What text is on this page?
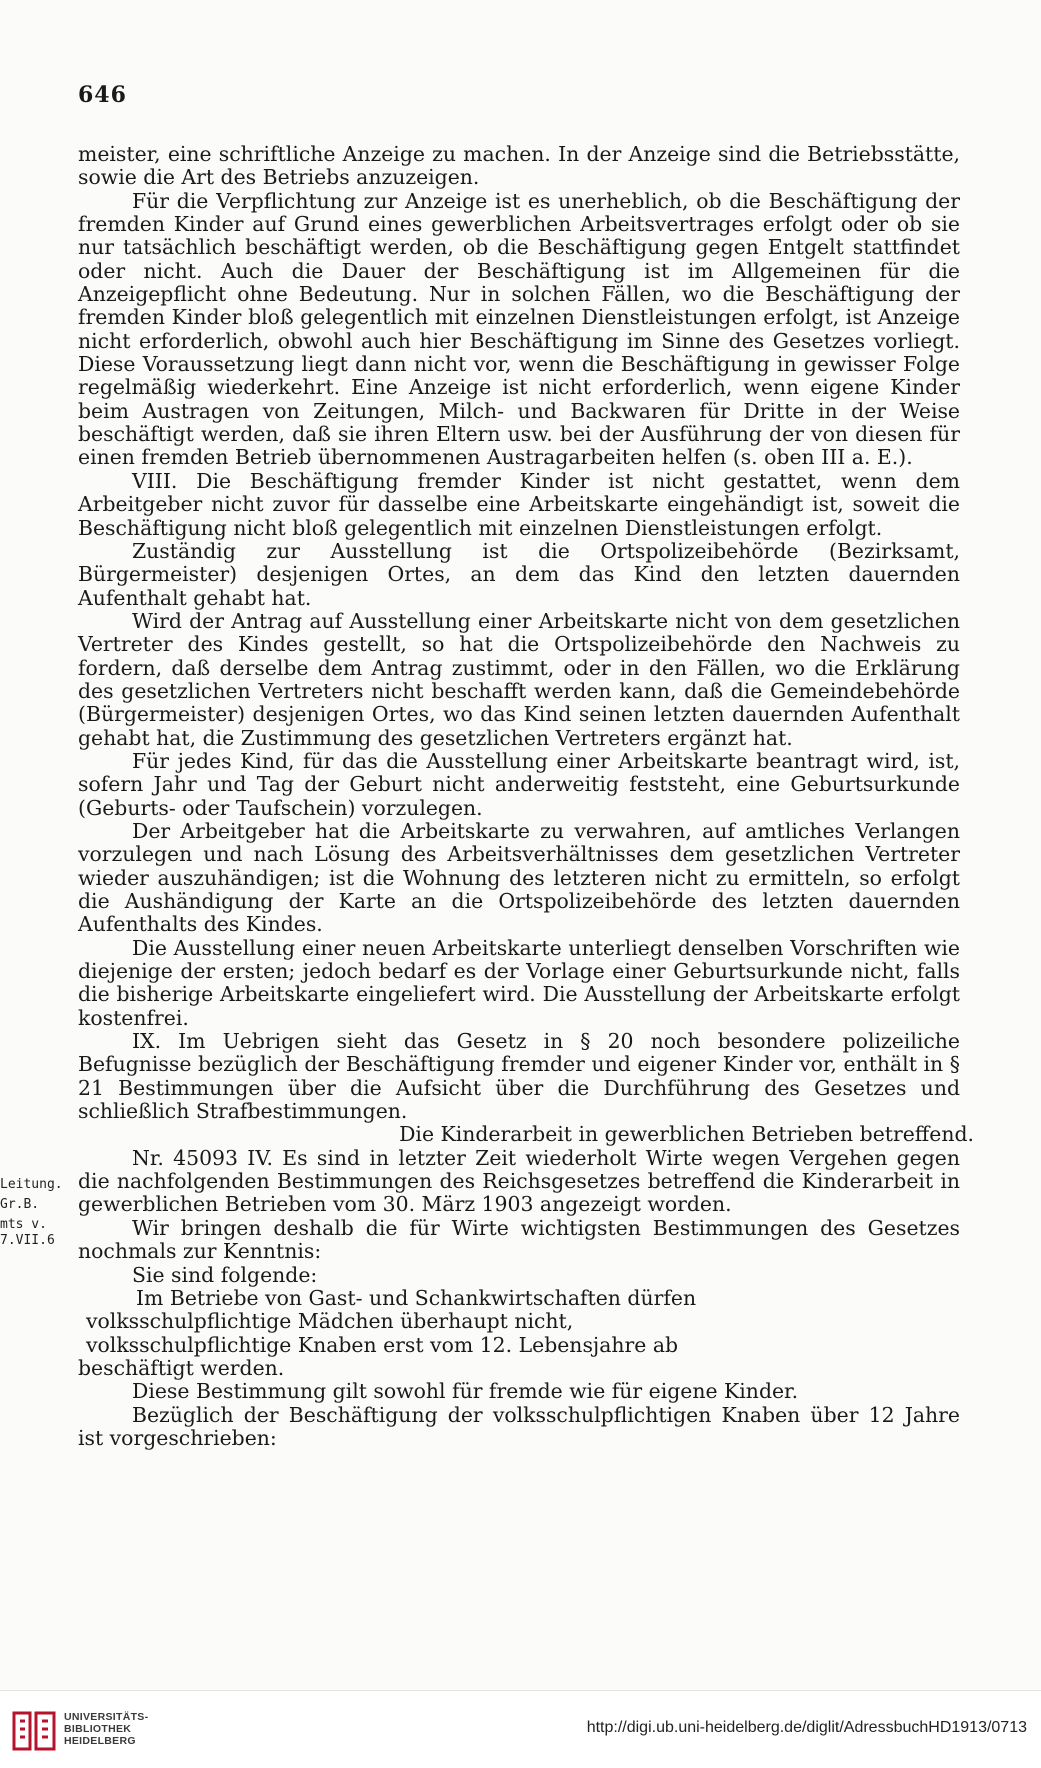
646
Leitung.
Gr.B.
mts v.
7.VII.6

meister, eine schriftliche Anzeige zu machen. In der Anzeige sind die Betriebsstätte, sowie die Art des Betriebs anzuzeigen.

Für die Verpflichtung zur Anzeige ist es unerheblich, ob die Beschäftigung der fremden Kinder auf Grund eines gewerblichen Arbeitsvertrages erfolgt oder ob sie nur tatsächlich beschäftigt werden, ob die Beschäftigung gegen Entgelt stattfindet oder nicht. Auch die Dauer der Beschäftigung ist im Allgemeinen für die Anzeigepflicht ohne Bedeutung. Nur in solchen Fällen, wo die Beschäftigung der fremden Kinder bloß gelegentlich mit einzelnen Dienstleistungen erfolgt, ist Anzeige nicht erforderlich, obwohl auch hier Beschäftigung im Sinne des Gesetzes vorliegt. Diese Voraussetzung liegt dann nicht vor, wenn die Beschäftigung in gewisser Folge regelmäßig wiederkehrt. Eine Anzeige ist nicht erforderlich, wenn eigene Kinder beim Austragen von Zeitungen, Milch- und Backwaren für Dritte in der Weise beschäftigt werden, daß sie ihren Eltern usw. bei der Ausführung der von diesen für einen fremden Betrieb übernommenen Austragarbeiten helfen (s. oben III a. E.).

VIII. Die Beschäftigung fremder Kinder ist nicht gestattet, wenn dem Arbeitgeber nicht zuvor für dasselbe eine Arbeitskarte eingehändigt ist, soweit die Beschäftigung nicht bloß gelegentlich mit einzelnen Dienstleistungen erfolgt.

Zuständig zur Ausstellung ist die Ortspolizeibehörde (Bezirksamt, Bürgermeister) desjenigen Ortes, an dem das Kind den letzten dauernden Aufenthalt gehabt hat.

Wird der Antrag auf Ausstellung einer Arbeitskarte nicht von dem gesetzlichen Vertreter des Kindes gestellt, so hat die Ortspolizeibehörde den Nachweis zu fordern, daß derselbe dem Antrag zustimmt, oder in den Fällen, wo die Erklärung des gesetzlichen Vertreters nicht beschafft werden kann, daß die Gemeindebehörde (Bürgermeister) desjenigen Ortes, wo das Kind seinen letzten dauernden Aufenthalt gehabt hat, die Zustimmung des gesetzlichen Vertreters ergänzt hat.

Für jedes Kind, für das die Ausstellung einer Arbeitskarte beantragt wird, ist, sofern Jahr und Tag der Geburt nicht anderweitig feststeht, eine Geburtsurkunde (Geburts- oder Taufschein) vorzulegen.

Der Arbeitgeber hat die Arbeitskarte zu verwahren, auf amtliches Verlangen vorzulegen und nach Lösung des Arbeitsverhältnisses dem gesetzlichen Vertreter wieder auszuhändigen; ist die Wohnung des letzteren nicht zu ermitteln, so erfolgt die Aushändigung der Karte an die Ortspolizeibehörde des letzten dauernden Aufenthalts des Kindes.

Die Ausstellung einer neuen Arbeitskarte unterliegt denselben Vorschriften wie diejenige der ersten; jedoch bedarf es der Vorlage einer Geburtsurkunde nicht, falls die bisherige Arbeitskarte eingeliefert wird. Die Ausstellung der Arbeitskarte erfolgt kostenfrei.

IX. Im Uebrigen sieht das Gesetz in § 20 noch besondere polizeiliche Befugnisse bezüglich der Beschäftigung fremder und eigener Kinder vor, enthält in § 21 Bestimmungen über die Aufsicht über die Durchführung des Gesetzes und schließlich Strafbestimmungen.

Die Kinderarbeit in gewerblichen Betrieben betreffend.

Nr. 45093 IV. Es sind in letzter Zeit wiederholt Wirte wegen Vergehen gegen die nachfolgenden Bestimmungen des Reichsgesetzes betreffend die Kinderarbeit in gewerblichen Betrieben vom 30. März 1903 angezeigt worden.

Wir bringen deshalb die für Wirte wichtigsten Bestimmungen des Gesetzes nochmals zur Kenntnis:

Sie sind folgende:

Im Betriebe von Gast- und Schankwirtschaften dürfen

volksschulpflichtige Mädchen überhaupt nicht,

volksschulpflichtige Knaben erst vom 12. Lebensjahre ab

beschäftigt werden.

Diese Bestimmung gilt sowohl für fremde wie für eigene Kinder.

Bezüglich der Beschäftigung der volksschulpflichtigen Knaben über 12 Jahre ist vorgeschrieben:

UNIVERSITÄTS-
BIBLIOTHEK
HEIDELBERG
http://digi.ub.uni-heidelberg.de/diglit/AdressbuchHD1913/0713
